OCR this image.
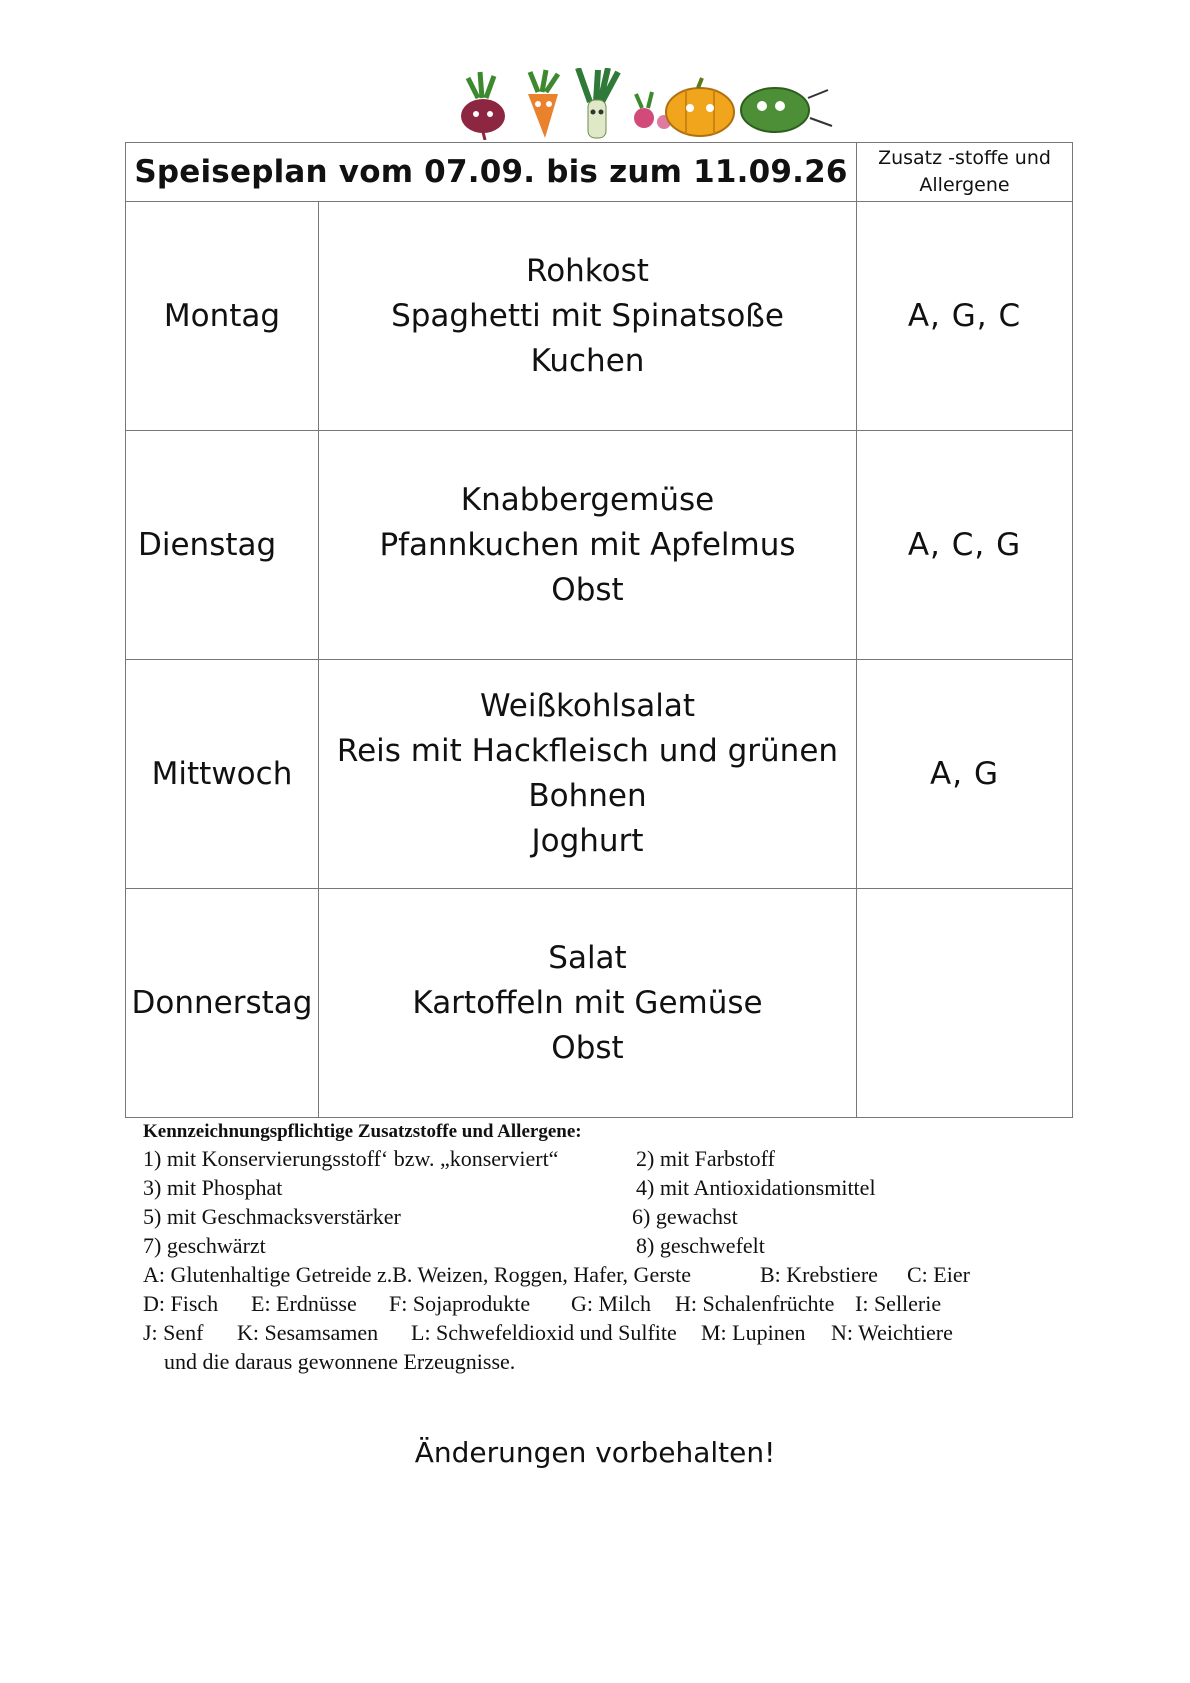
Speiseplan vom 07.09. bis zum 11.09.26		Zusatz -stoffe und
Allergene

Montag	Rohkost
Spaghetti mit Spinatsoße
Kuchen	A, G, C
Dienstag	Knabbergemüse
Pfannkuchen mit Apfelmus
Obst	A, C, G
Mittwoch	Weißkohlsalat
Reis mit Hackfleisch und grünen
Bohnen
Joghurt	A, G
Donnerstag	Salat
Kartoffeln mit Gemüse
Obst	

Kennzeichnungspflichtige Zusatzstoffe und Allergene:
1) mit Konservierungsstoff‘ bzw. „konserviert“	2) mit Farbstoff
3) mit Phosphat	4) mit Antioxidationsmittel
5) mit Geschmacksverstärker	6) gewachst
7) geschwärzt	8) geschwefelt
A: Glutenhaltige Getreide z.B. Weizen, Roggen, Hafer, Gerste	B: Krebstiere C: Eier
D: Fisch E: Erdnüsse F: Sojaprodukte G: Milch H: Schalenfrüchte I: Sellerie
J: Senf K: Sesamsamen L: Schwefeldioxid und Sulfite M: Lupinen N: Weichtiere
und die daraus gewonnene Erzeugnisse.
Änderungen vorbehalten!
